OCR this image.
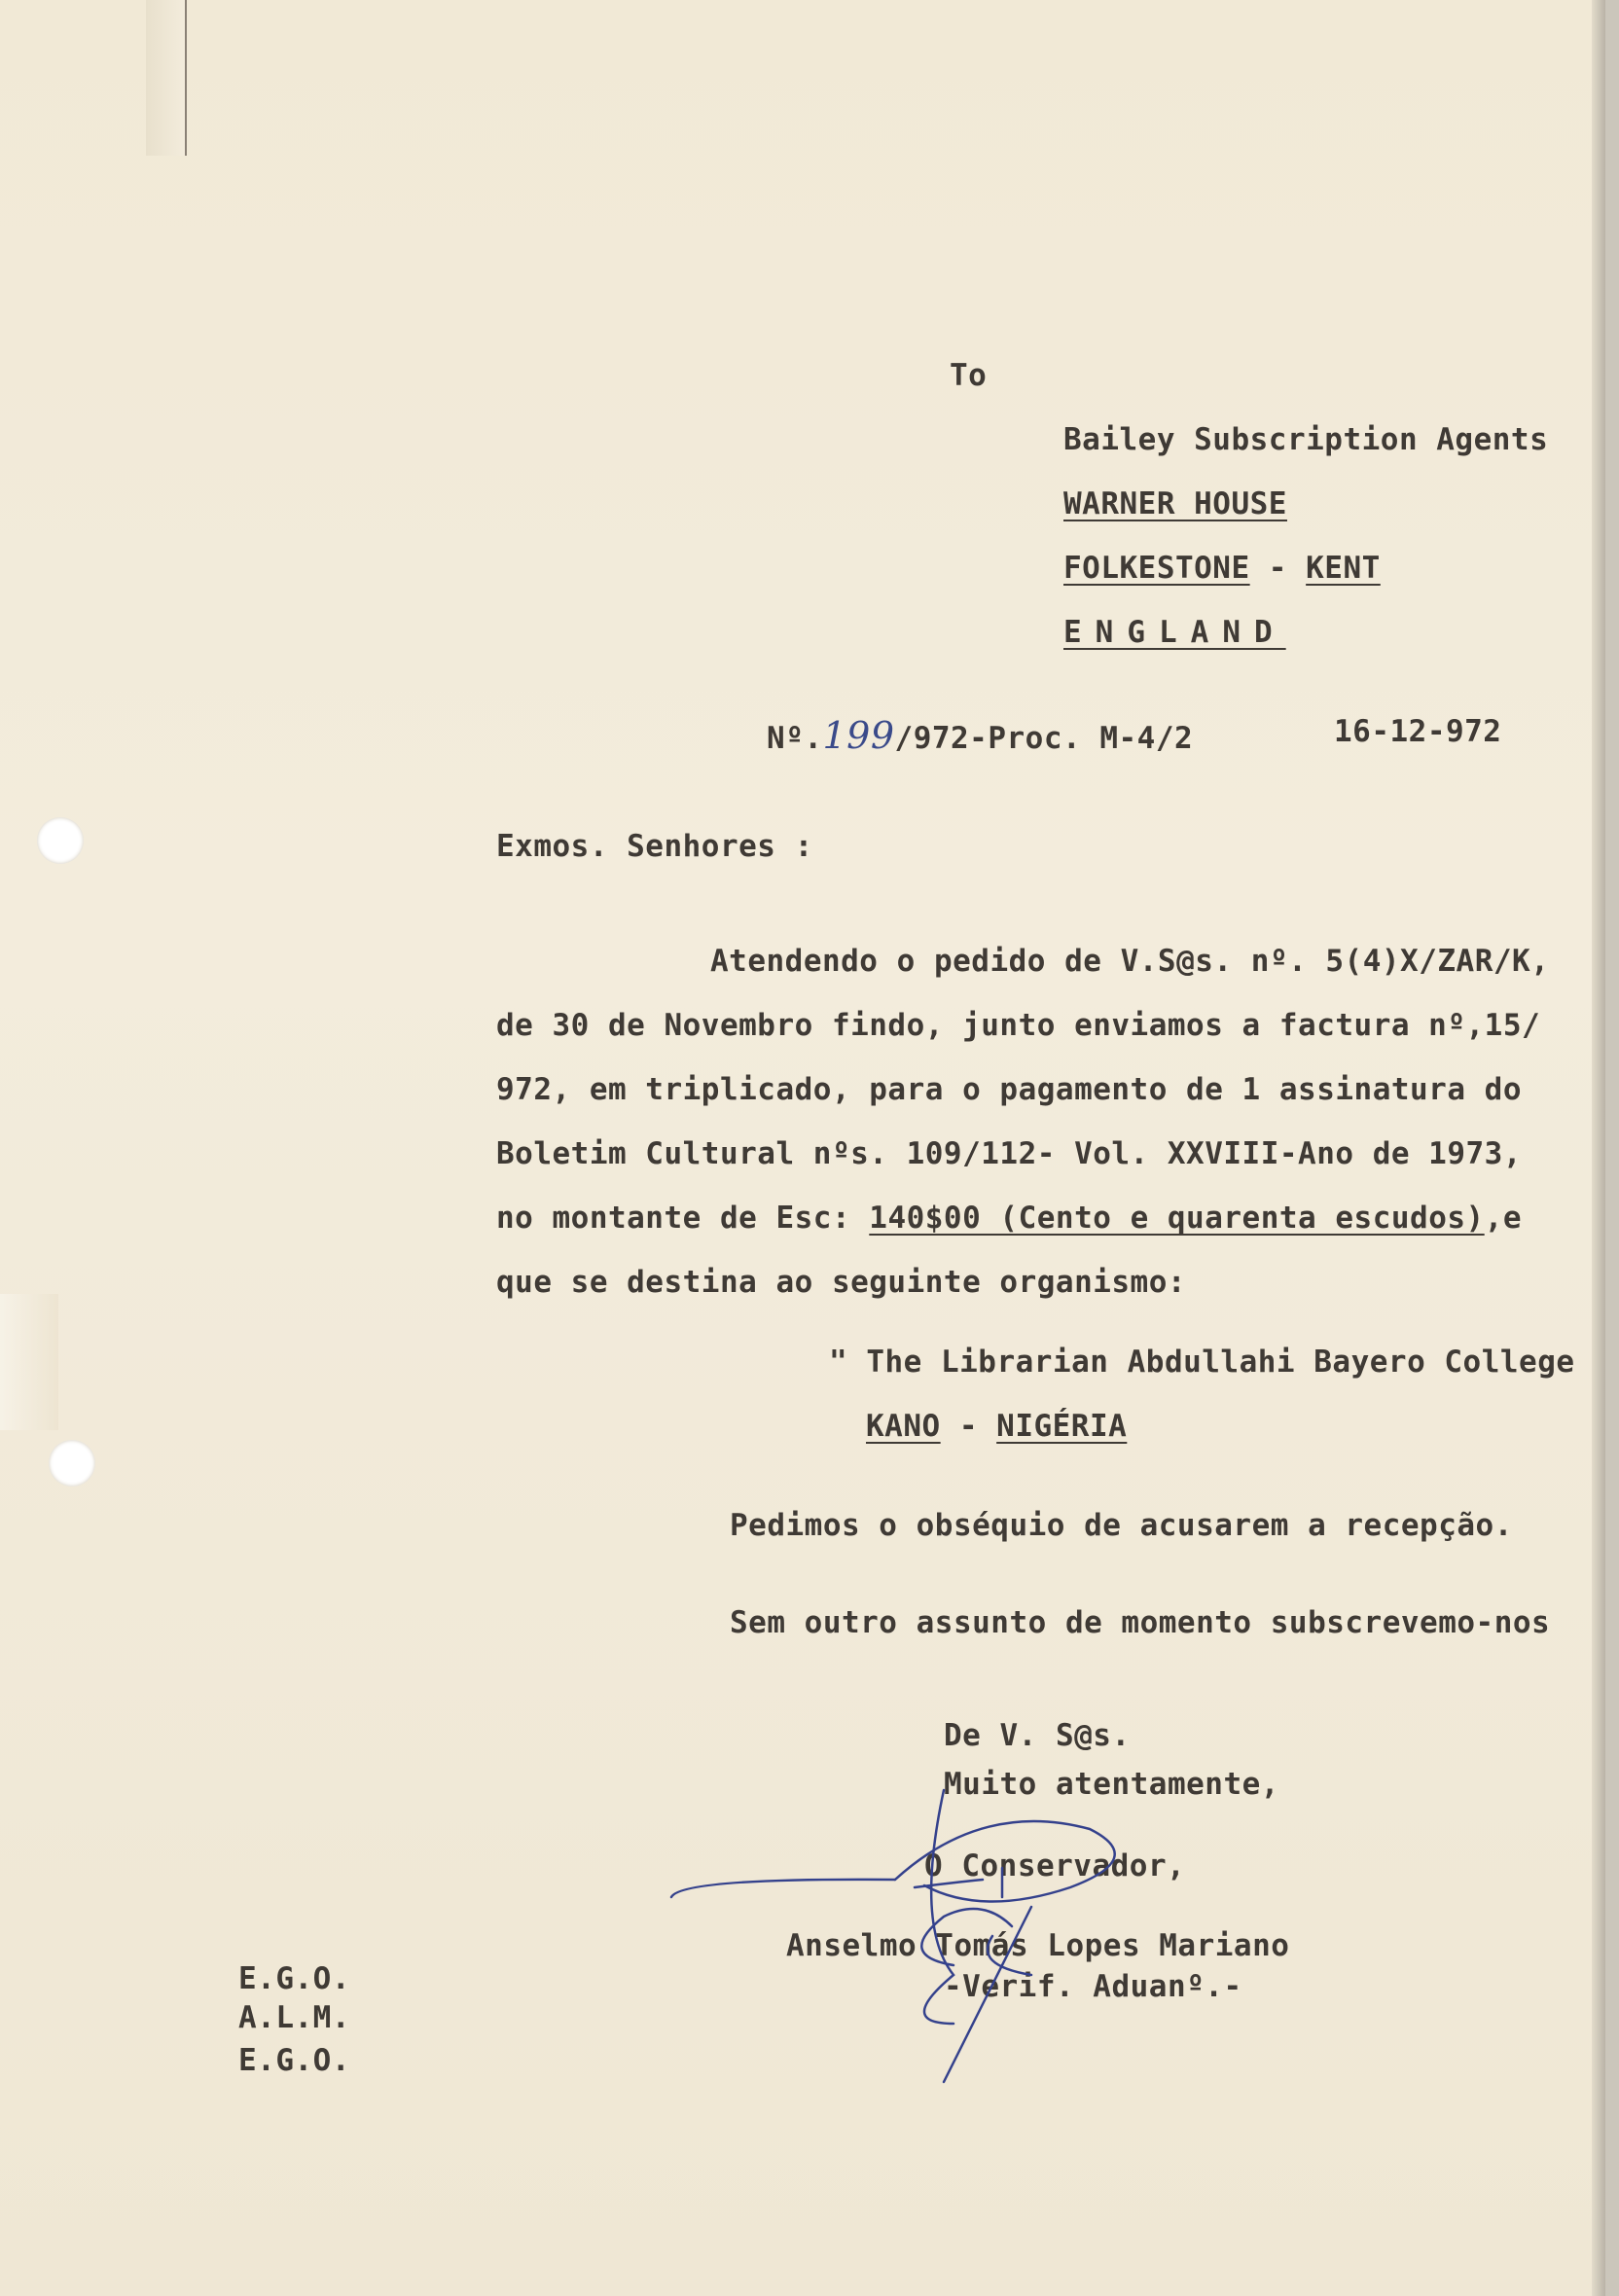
To

Bailey Subscription Agents

WARNER HOUSE

FOLKESTONE - KENT

ENGLAND

Nº.199/972-Proc. M-4/2	16-12-972

Exmos. Senhores :

Atendendo o pedido de V.S@s. nº. 5(4)X/ZAR/K,

de 30 de Novembro findo, junto enviamos a factura nº,15/

972, em triplicado, para o pagamento de 1 assinatura do

Boletim Cultural nºs. 109/112- Vol. XXVIII-Ano de 1973,

no montante de Esc: 140$00 (Cento e quarenta escudos),e

que se destina ao seguinte organismo:

" The Librarian Abdullahi Bayero College

KANO - NIGÉRIA

Pedimos o obséquio de acusarem a recepção.

Sem outro assunto de momento subscrevemo-nos

De V. S@s.

Muito atentamente,

O Conservador,

Anselmo Tomás Lopes Mariano

-Verif. Aduanº.-

E.G.O.

A.L.M.

E.G.O.
